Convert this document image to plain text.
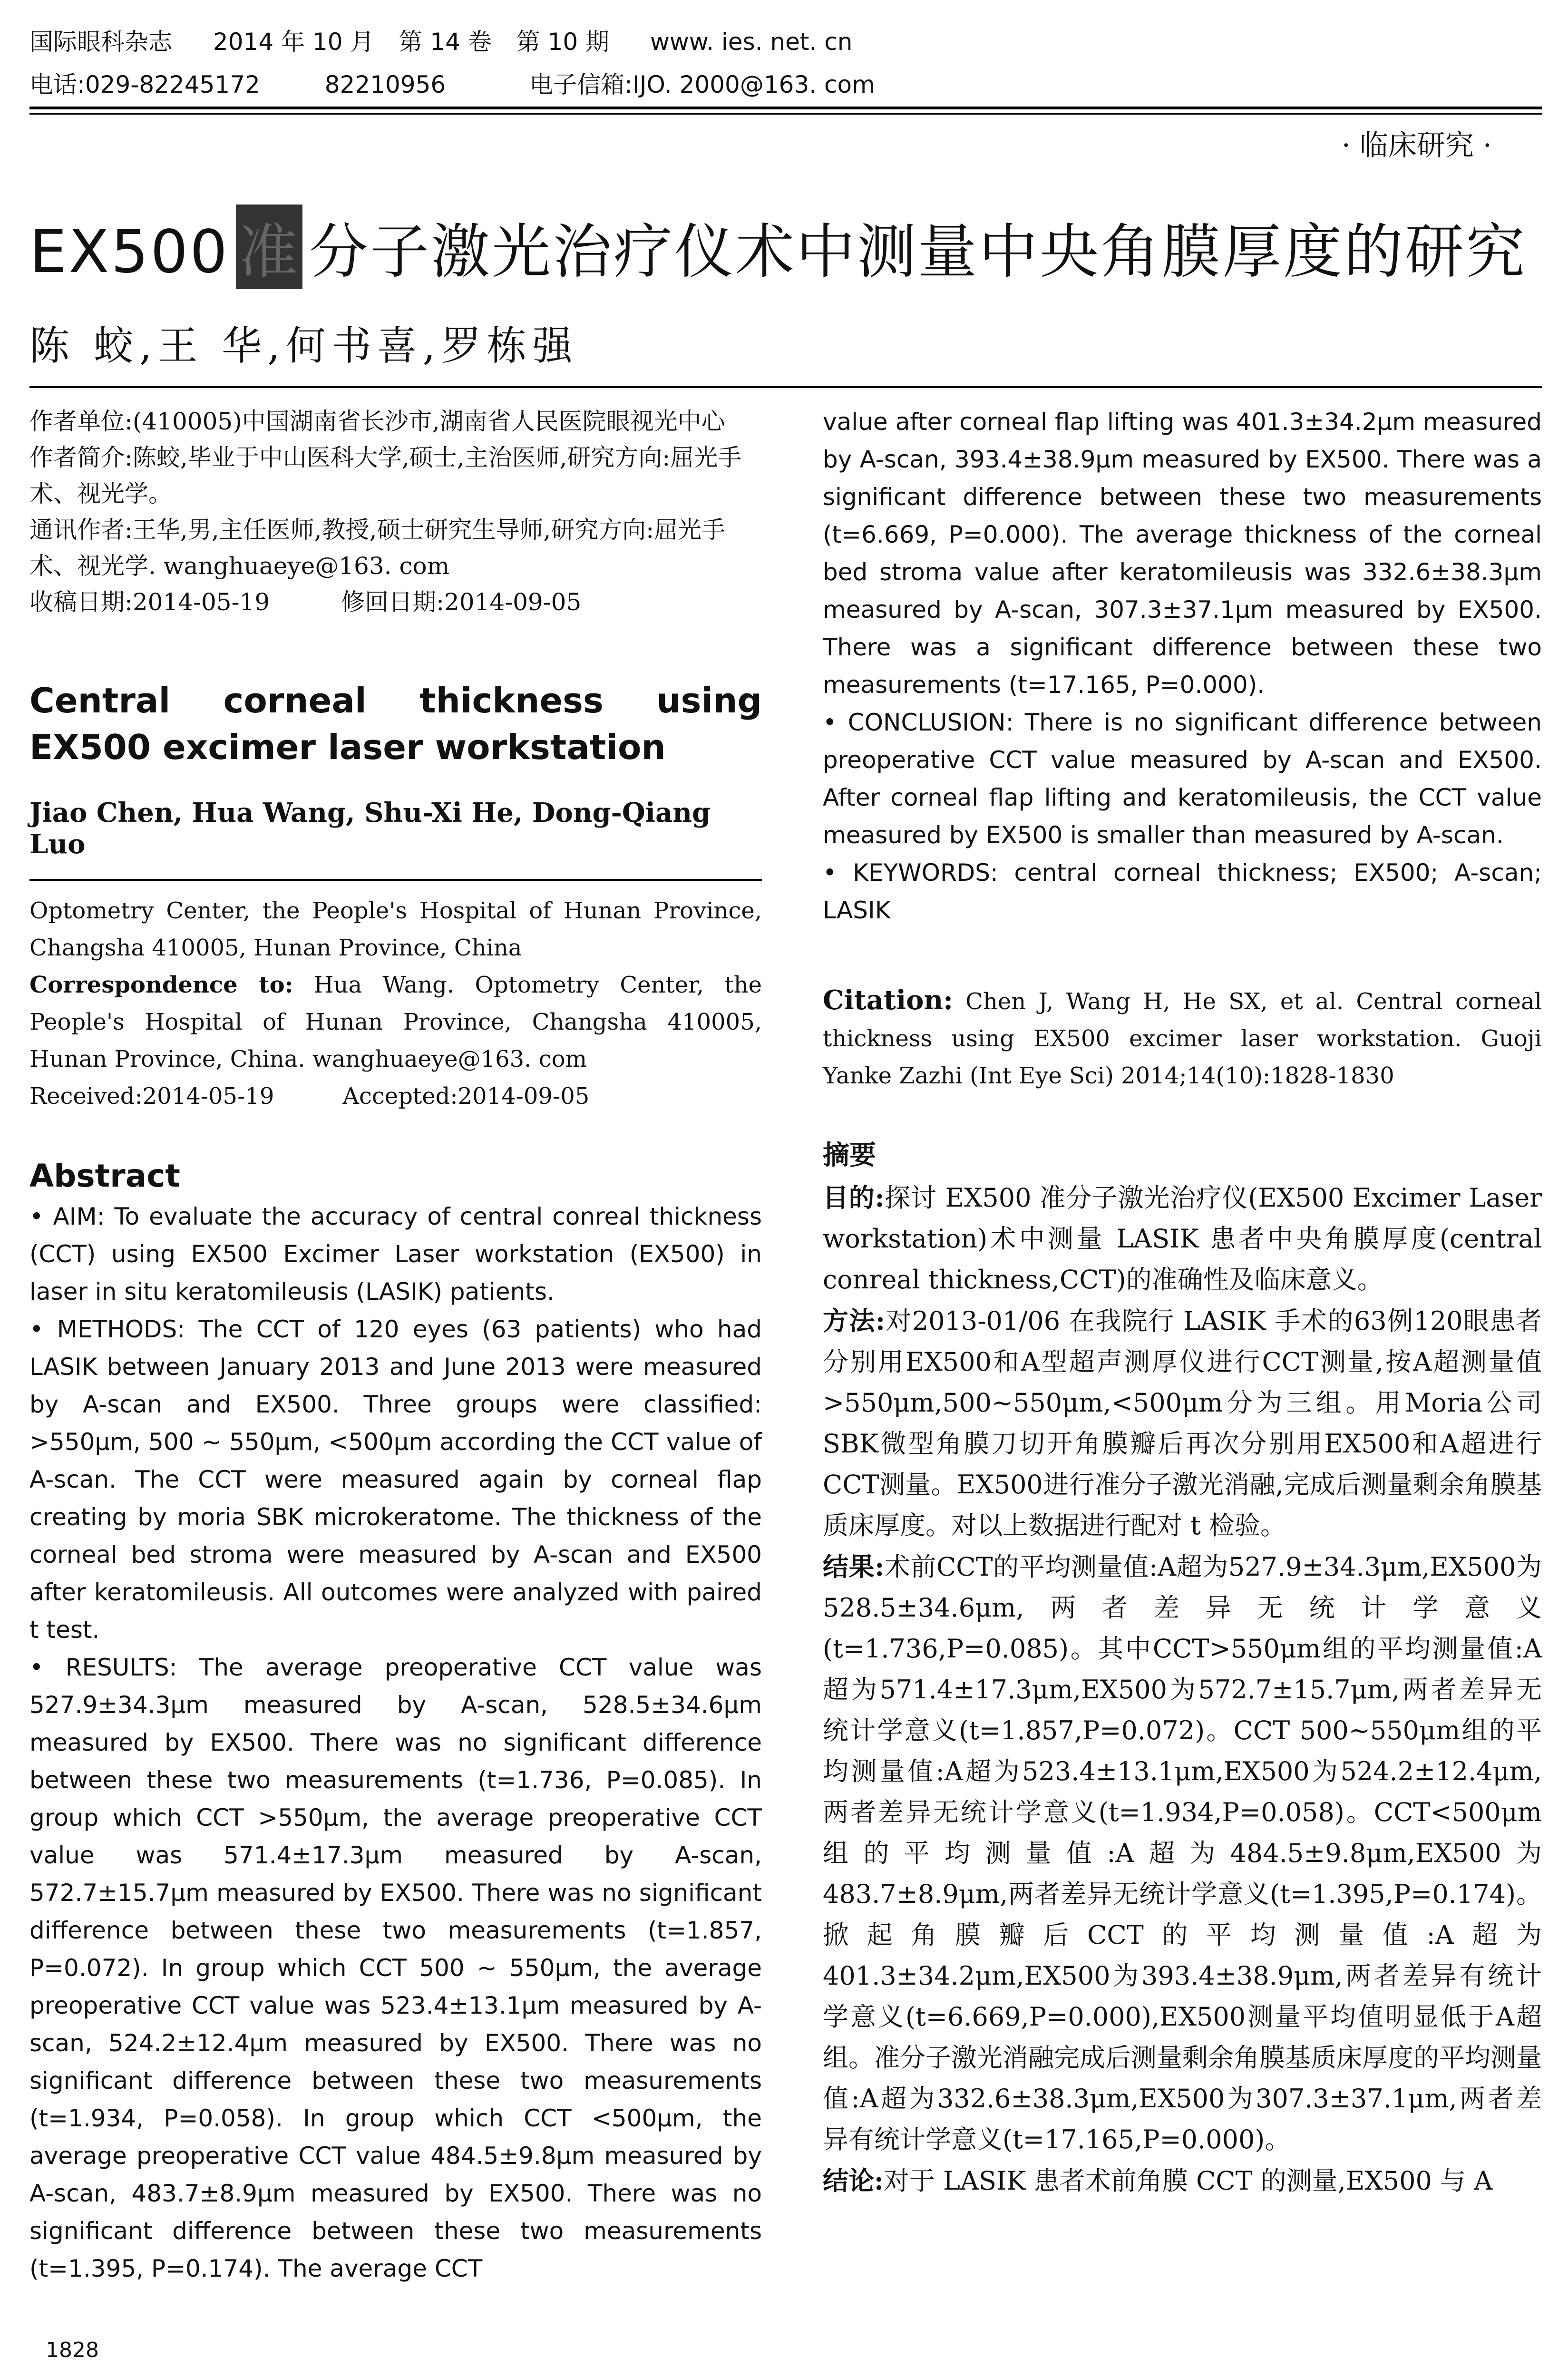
国际眼科杂志 2014 年 10 月 第 14 卷 第 10 期 www. ies. net. cn
电话:029-82245172	82210956	电子信箱:IJO. 2000@163. com
· 临床研究 ·
EX500 准 分子激光治疗仪术中测量中央角膜厚度的研究
陈 蛟,王 华,何书喜,罗栋强

作者单位:(410005)中国湖南省长沙市,湖南省人民医院眼视光中心

作者简介:陈蛟,毕业于中山医科大学,硕士,主治医师,研究方向:屈光手术、视光学。

通讯作者:王华,男,主任医师,教授,硕士研究生导师,研究方向:屈光手术、视光学. wanghuaeye@163. com

收稿日期:2014-05-19　　　修回日期:2014-09-05

Central corneal thickness using EX500 excimer laser workstation
Jiao Chen, Hua Wang, Shu-Xi He, Dong-Qiang Luo
Optometry Center, the People's Hospital of Hunan Province, Changsha 410005, Hunan Province, China
Correspondence to: Hua Wang. Optometry Center, the People's Hospital of Hunan Province, Changsha 410005, Hunan Province, China. wanghuaeye@163. com
Received:2014-05-19　　　Accepted:2014-09-05
Abstract

• AIM: To evaluate the accuracy of central conreal thickness (CCT) using EX500 Excimer Laser workstation (EX500) in laser in situ keratomileusis (LASIK) patients.

• METHODS: The CCT of 120 eyes (63 patients) who had LASIK between January 2013 and June 2013 were measured by A-scan and EX500. Three groups were classified: >550μm, 500 ~ 550μm, <500μm according the CCT value of A-scan. The CCT were measured again by corneal flap creating by moria SBK microkeratome. The thickness of the corneal bed stroma were measured by A-scan and EX500 after keratomileusis. All outcomes were analyzed with paired t test.

• RESULTS: The average preoperative CCT value was 527.9±34.3μm measured by A-scan, 528.5±34.6μm measured by EX500. There was no significant difference between these two measurements (t=1.736, P=0.085). In group which CCT >550μm, the average preoperative CCT value was 571.4±17.3μm measured by A-scan, 572.7±15.7μm measured by EX500. There was no significant difference between these two measurements (t=1.857, P=0.072). In group which CCT 500 ~ 550μm, the average preoperative CCT value was 523.4±13.1μm measured by A-scan, 524.2±12.4μm measured by EX500. There was no significant difference between these two measurements (t=1.934, P=0.058). In group which CCT <500μm, the average preoperative CCT value 484.5±9.8μm measured by A-scan, 483.7±8.9μm measured by EX500. There was no significant difference between these two measurements (t=1.395, P=0.174). The average CCT

value after corneal flap lifting was 401.3±34.2μm measured by A-scan, 393.4±38.9μm measured by EX500. There was a significant difference between these two measurements (t=6.669, P=0.000). The average thickness of the corneal bed stroma value after keratomileusis was 332.6±38.3μm measured by A-scan, 307.3±37.1μm measured by EX500. There was a significant difference between these two measurements (t=17.165, P=0.000).

• CONCLUSION: There is no significant difference between preoperative CCT value measured by A-scan and EX500. After corneal flap lifting and keratomileusis, the CCT value measured by EX500 is smaller than measured by A-scan.

• KEYWORDS: central corneal thickness; EX500; A-scan; LASIK

Citation: Chen J, Wang H, He SX, et al. Central corneal thickness using EX500 excimer laser workstation. Guoji Yanke Zazhi (Int Eye Sci) 2014;14(10):1828-1830
摘要

目的:探讨 EX500 准分子激光治疗仪(EX500 Excimer Laser workstation)术中测量 LASIK 患者中央角膜厚度(central conreal thickness,CCT)的准确性及临床意义。

方法:对2013-01/06 在我院行 LASIK 手术的63例120眼患者分别用EX500和A型超声测厚仪进行CCT测量,按A超测量值>550μm,500~550μm,<500μm分为三组。用Moria公司SBK微型角膜刀切开角膜瓣后再次分别用EX500和A超进行CCT测量。EX500进行准分子激光消融,完成后测量剩余角膜基质床厚度。对以上数据进行配对 t 检验。

结果:术前CCT的平均测量值:A超为527.9±34.3μm,EX500为528.5±34.6μm,两者差异无统计学意义(t=1.736,P=0.085)。其中CCT>550μm组的平均测量值:A超为571.4±17.3μm,EX500为572.7±15.7μm,两者差异无统计学意义(t=1.857,P=0.072)。CCT 500~550μm组的平均测量值:A超为523.4±13.1μm,EX500为524.2±12.4μm,两者差异无统计学意义(t=1.934,P=0.058)。CCT<500μm组的平均测量值:A超为484.5±9.8μm,EX500为483.7±8.9μm,两者差异无统计学意义(t=1.395,P=0.174)。掀起角膜瓣后CCT的平均测量值:A超为401.3±34.2μm,EX500为393.4±38.9μm,两者差异有统计学意义(t=6.669,P=0.000),EX500测量平均值明显低于A超组。准分子激光消融完成后测量剩余角膜基质床厚度的平均测量值:A超为332.6±38.3μm,EX500为307.3±37.1μm,两者差异有统计学意义(t=17.165,P=0.000)。

结论:对于 LASIK 患者术前角膜 CCT 的测量,EX500 与 A

1828
